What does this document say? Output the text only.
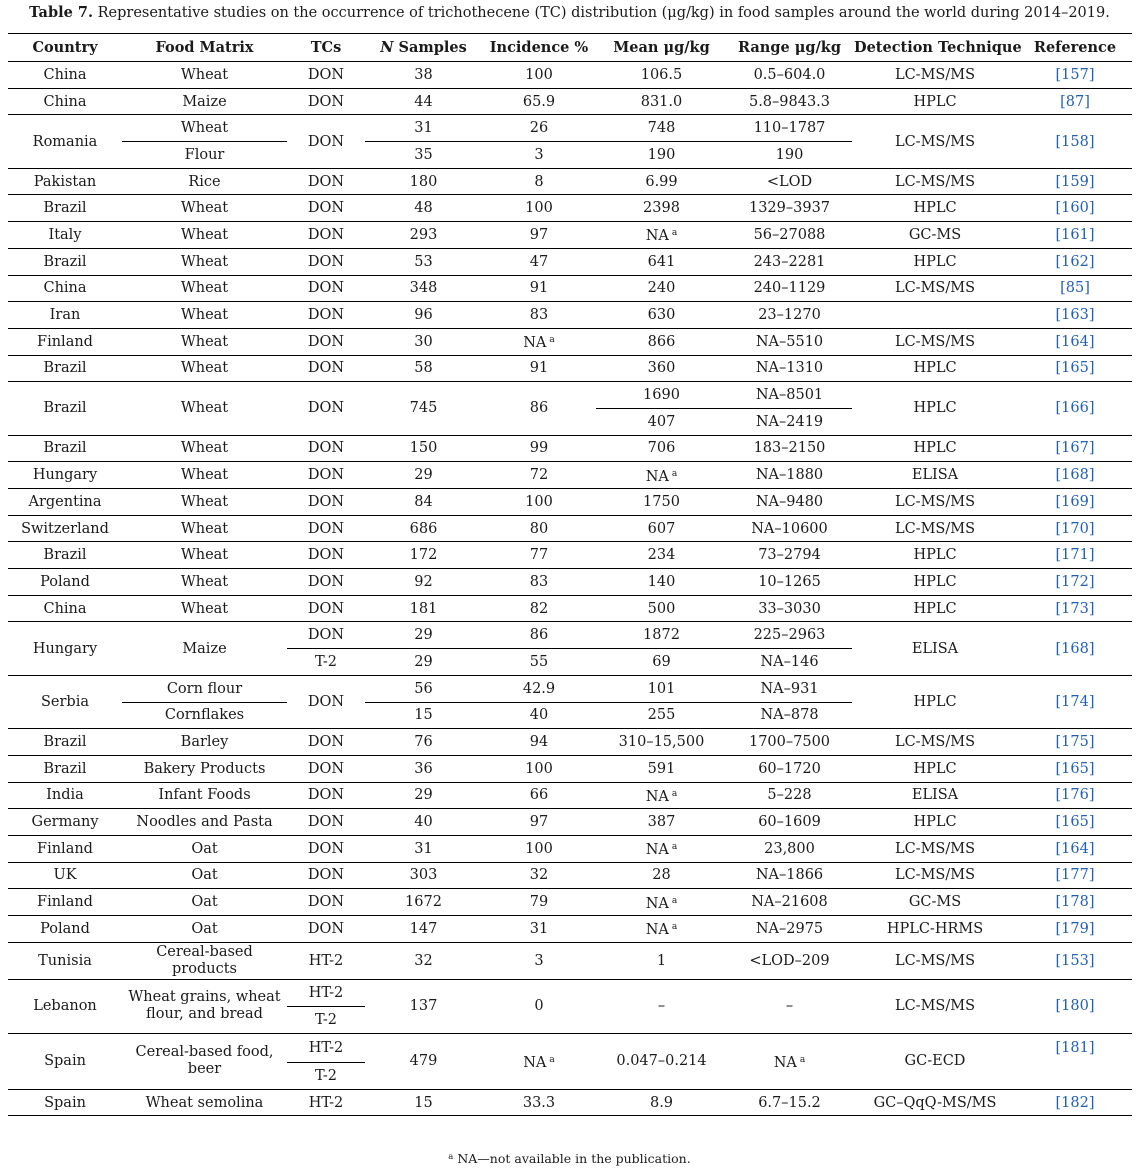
Table 7. Representative studies on the occurrence of trichothecene (TC) distribution (μg/kg) in food samples around the world during 2014–2019.
Country	Food Matrix	TCs	N Samples	Incidence %	Mean μg/kg	Range μg/kg	Detection Technique	Reference
China	Wheat	DON	38	100	106.5	0.5–604.0	LC-MS/MS	[157]
China	Maize	DON	44	65.9	831.0	5.8–9843.3	HPLC	[87]
Romania	Wheat	DON	31	26	748	110–1787	LC-MS/MS	[158]
	Flour		35	3	190	190		
Pakistan	Rice	DON	180	8	6.99	<LOD	LC-MS/MS	[159]
Brazil	Wheat	DON	48	100	2398	1329–3937	HPLC	[160]
Italy	Wheat	DON	293	97	NA $^a$	56–27088	GC-MS	[161]
Brazil	Wheat	DON	53	47	641	243–2281	HPLC	[162]
China	Wheat	DON	348	91	240	240–1129	LC-MS/MS	[85]
Iran	Wheat	DON	96	83	630	23–1270		[163]
Finland	Wheat	DON	30	NA $^a$	866	NA–5510	LC-MS/MS	[164]
Brazil	Wheat	DON	58	91	360	NA–1310	HPLC	[165]
Brazil	Wheat	DON	745	86	1690	NA–8501	HPLC	[166]
					407	NA–2419		
Brazil	Wheat	DON	150	99	706	183–2150	HPLC	[167]
Hungary	Wheat	DON	29	72	NA $^a$	NA–1880	ELISA	[168]
Argentina	Wheat	DON	84	100	1750	NA–9480	LC-MS/MS	[169]
Switzerland	Wheat	DON	686	80	607	NA–10600	LC-MS/MS	[170]
Brazil	Wheat	DON	172	77	234	73–2794	HPLC	[171]
Poland	Wheat	DON	92	83	140	10–1265	HPLC	[172]
China	Wheat	DON	181	82	500	33–3030	HPLC	[173]
Hungary	Maize	DON	29	86	1872	225–2963	ELISA	[168]
		T-2	29	55	69	NA–146		
Serbia	Corn flour	DON	56	42.9	101	NA–931	HPLC	[174]
	Cornflakes		15	40	255	NA–878		
Brazil	Barley	DON	76	94	310–15,500	1700–7500	LC-MS/MS	[175]
Brazil	Bakery Products	DON	36	100	591	60–1720	HPLC	[165]
India	Infant Foods	DON	29	66	NA $^a$	5–228	ELISA	[176]
Germany	Noodles and Pasta	DON	40	97	387	60–1609	HPLC	[165]
Finland	Oat	DON	31	100	NA $^a$	23,800	LC-MS/MS	[164]
UK	Oat	DON	303	32	28	NA–1866	LC-MS/MS	[177]
Finland	Oat	DON	1672	79	NA $^a$	NA–21608	GC-MS	[178]
Poland	Oat	DON	147	31	NA $^a$	NA–2975	HPLC-HRMS	[179]
Tunisia	Cereal-based products	HT-2	32	3	1	<LOD–209	LC-MS/MS	[153]
Lebanon	Wheat grains, wheat flour, and bread	HT-2	137	0	–	–	LC-MS/MS	[180]
		T-2						
Spain	Cereal-based food, beer	HT-2	479	NA $^a$	0.047–0.214	NA $^a$	GC-ECD	[181]
		T-2						
Spain	Wheat semolina	HT-2	15	33.3	8.9	6.7–15.2	GC–QqQ-MS/MS	[182]
$^a$ NA—not available in the publication.
